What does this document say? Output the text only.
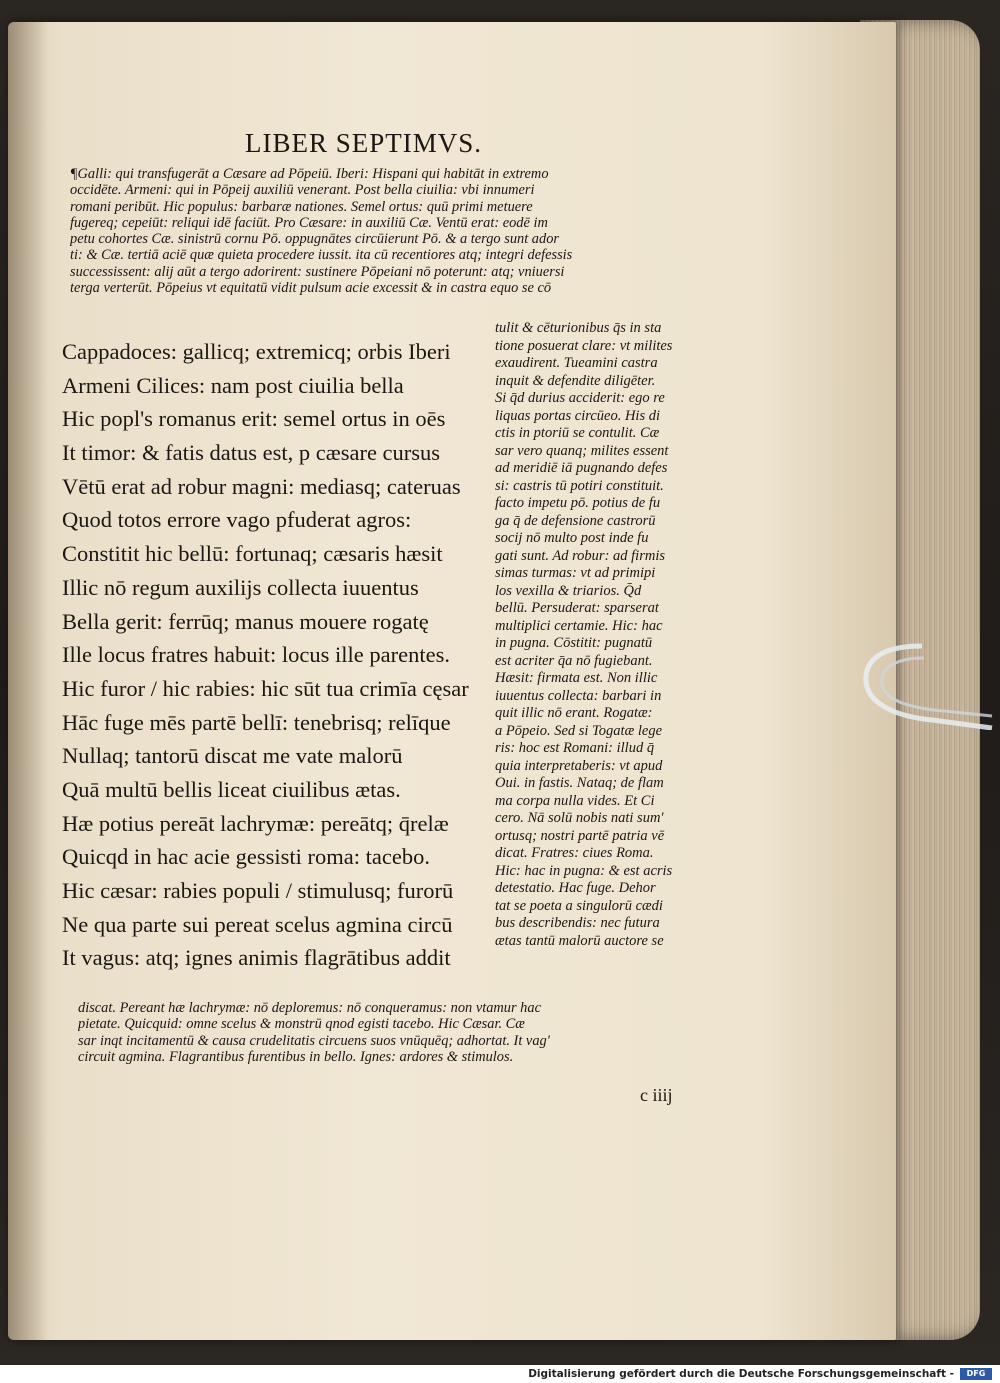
LIBER SEPTIMVS.
¶Galli: qui transfugerāt a Cæsare ad Pōpeiū. Iberi: Hispani qui habitāt in extremo
occidēte. Armeni: qui in Pōpeij auxiliū venerant. Post bella ciuilia: vbi innumeri
romani peribūt. Hic populus: barbaræ nationes. Semel ortus: quū primi metuere
fugereq; cepeiūt: reliqui idē faciūt. Pro Cæsare: in auxiliū Cæ. Ventū erat: eodē im
petu cohortes Cæ. sinistrū cornu Pō. oppugnātes circūierunt Pō. & a tergo sunt ador
ti: & Cæ. tertiā aciē quæ quieta procedere iussit. ita cū recentiores atq; integri defessis
successissent: alij aūt a tergo adorirent: sustinere Pōpeiani nō poterunt: atq; vniuersi
terga verterūt. Pōpeius vt equitatū vidit pulsum acie excessit & in castra equo se cō
Cappadoces: gallicq; extremicq; orbis Iberi
Armeni Cilices: nam post ciuilia bella
Hic popl's romanus erit: semel ortus in oēs
It timor: & fatis datus est, p cæsare cursus
Vētū erat ad robur magni: mediasq; cateruas
Quod totos errore vago pfuderat agros:
Constitit hic bellū: fortunaq; cæsaris hæsit
Illic nō regum auxilijs collecta iuuentus
Bella gerit: ferrūq; manus mouere rogatę
Ille locus fratres habuit: locus ille parentes.
Hic furor / hic rabies: hic sūt tua crimīa cęsar
Hāc fuge mēs partē bellī: tenebrisq; relīque
Nullaq; tantorū discat me vate malorū
Quā multū bellis liceat ciuilibus ætas.
Hæ potius pereāt lachrymæ: pereātq; q̄relæ
Quicqd in hac acie gessisti roma: tacebo.
Hic cæsar: rabies populi / stimulusq; furorū
Ne qua parte sui pereat scelus agmina circū
It vagus: atq; ignes animis flagrātibus addit
tulit & cēturionibus q̄s in sta
tione posuerat clare: vt milites
exaudirent. Tueamini castra
inquit & defendite diligēter.
Si q̄d durius acciderit: ego re
liquas portas circūeo. His di
ctis in ptoriū se contulit. Cæ
sar vero quanq; milites essent
ad meridiē iā pugnando defes
si: castris tū potiri constituit.
facto impetu pō. potius de fu
ga q̄ de defensione castrorū
socij nō multo post inde fu
gati sunt. Ad robur: ad firmis
simas turmas: vt ad primipi
los vexilla & triarios. Q̄d
bellū. Persuderat: sparserat
multiplici certamie. Hic: hac
in pugna. Cōstitit: pugnatū
est acriter q̄a nō fugiebant.
Hæsit: firmata est. Non illic
iuuentus collecta: barbari in
quit illic nō erant. Rogatæ:
a Pōpeio. Sed si Togatæ lege
ris: hoc est Romani: illud q̄
quia interpretaberis: vt apud
Oui. in fastis. Nataq; de flam
ma corpa nulla vides. Et Ci
cero. Nā solū nobis nati sum'
ortusq; nostri partē patria vē
dicat. Fratres: ciues Roma.
Hic: hac in pugna: & est acris
detestatio. Hac fuge. Dehor
tat se poeta a singulorū cædi
bus describendis: nec futura
ætas tantū malorū auctore se
discat. Pereant hæ lachrymæ: nō deploremus: nō conqueramus: non vtamur hac
pietate. Quicquid: omne scelus & monstrū qnod egisti tacebo. Hic Cæsar. Cæ
sar inqt incitamentū & causa crudelitatis circuens suos vnūquēq; adhortat. It vag'
circuit agmina. Flagrantibus furentibus in bello. Ignes: ardores & stimulos.
c iiij
Digitalisierung gefördert durch die Deutsche Forschungsgemeinschaft -	DFG
